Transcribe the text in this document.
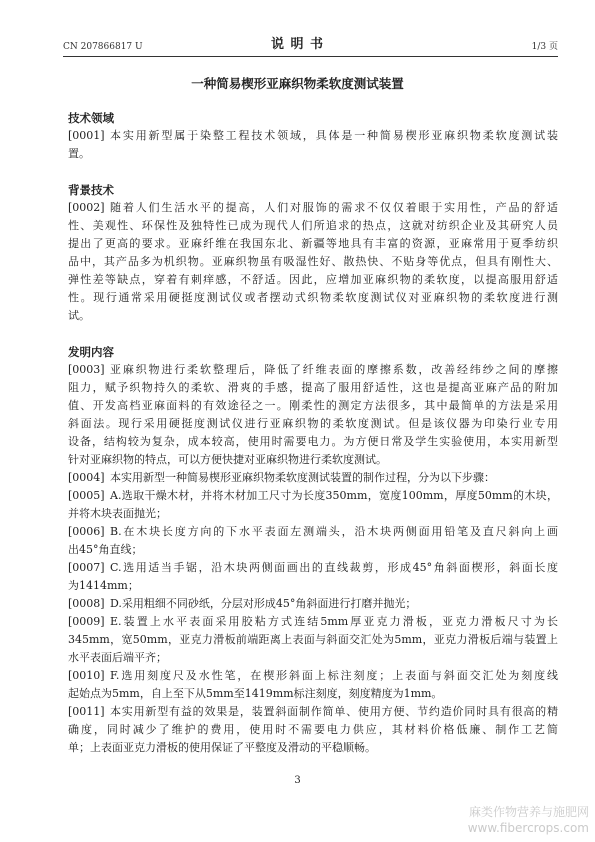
CN 207866817 U	说 明 书	1/3 页
一种简易楔形亚麻织物柔软度测试装置
技术领域
[0001] 本实用新型属于染整工程技术领域，具体是一种简易楔形亚麻织物柔软度测试装
置。
背景技术
[0002] 随着人们生活水平的提高，人们对服饰的需求不仅仅着眼于实用性，产品的舒适
性、美观性、环保性及独特性已成为现代人们所追求的热点，这就对纺织企业及其研究人员
提出了更高的要求。亚麻纤维在我国东北、新疆等地具有丰富的资源，亚麻常用于夏季纺织
品中，其产品多为机织物。亚麻织物虽有吸湿性好、散热快、不贴身等优点，但具有刚性大、
弹性差等缺点，穿着有刺痒感，不舒适。因此，应增加亚麻织物的柔软度，以提高服用舒适
性。现行通常采用硬挺度测试仪或者摆动式织物柔软度测试仪对亚麻织物的柔软度进行测
试。
发明内容
[0003] 亚麻织物进行柔软整理后，降低了纤维表面的摩擦系数，改善经纬纱之间的摩擦
阻力，赋予织物持久的柔软、滑爽的手感，提高了服用舒适性，这也是提高亚麻产品的附加
值、开发高档亚麻面料的有效途径之一。刚柔性的测定方法很多，其中最简单的方法是采用
斜面法。现行采用硬挺度测试仪进行亚麻织物的柔软度测试。但是该仪器为印染行业专用
设备，结构较为复杂，成本较高，使用时需要电力。为方便日常及学生实验使用，本实用新型
针对亚麻织物的特点，可以方便快捷对亚麻织物进行柔软度测试。
[0004] 本实用新型一种简易楔形亚麻织物柔软度测试装置的制作过程，分为以下步骤：
[0005] A.选取干燥木材，并将木材加工尺寸为长度350mm，宽度100mm，厚度50mm的木块，
并将木块表面抛光；
[0006] B.在木块长度方向的下水平表面左测端头，沿木块两侧面用铅笔及直尺斜向上画
出45°角直线；
[0007] C.选用适当手锯，沿木块两侧面画出的直线裁剪，形成45°角斜面楔形，斜面长度
为1414mm；
[0008] D.采用粗细不同砂纸，分层对形成45°角斜面进行打磨并抛光；
[0009] E.装置上水平表面采用胶粘方式连结5mm厚亚克力滑板，亚克力滑板尺寸为长
345mm，宽50mm，亚克力滑板前端距离上表面与斜面交汇处为5mm，亚克力滑板后端与装置上
水平表面后端平齐；
[0010] F.选用刻度尺及水性笔，在楔形斜面上标注刻度；上表面与斜面交汇处为刻度线
起始点为5mm，自上至下从5mm至1419mm标注刻度，刻度精度为1mm。
[0011] 本实用新型有益的效果是，装置斜面制作简单、使用方便、节约造价同时具有很高的精
确度，同时减少了维护的费用，使用时不需要电力供应，其材料价格低廉、制作工艺简
单；上表面亚克力滑板的使用保证了平整度及滑动的平稳顺畅。
3
麻类作物营养与施肥网
www.fibercrops.com
